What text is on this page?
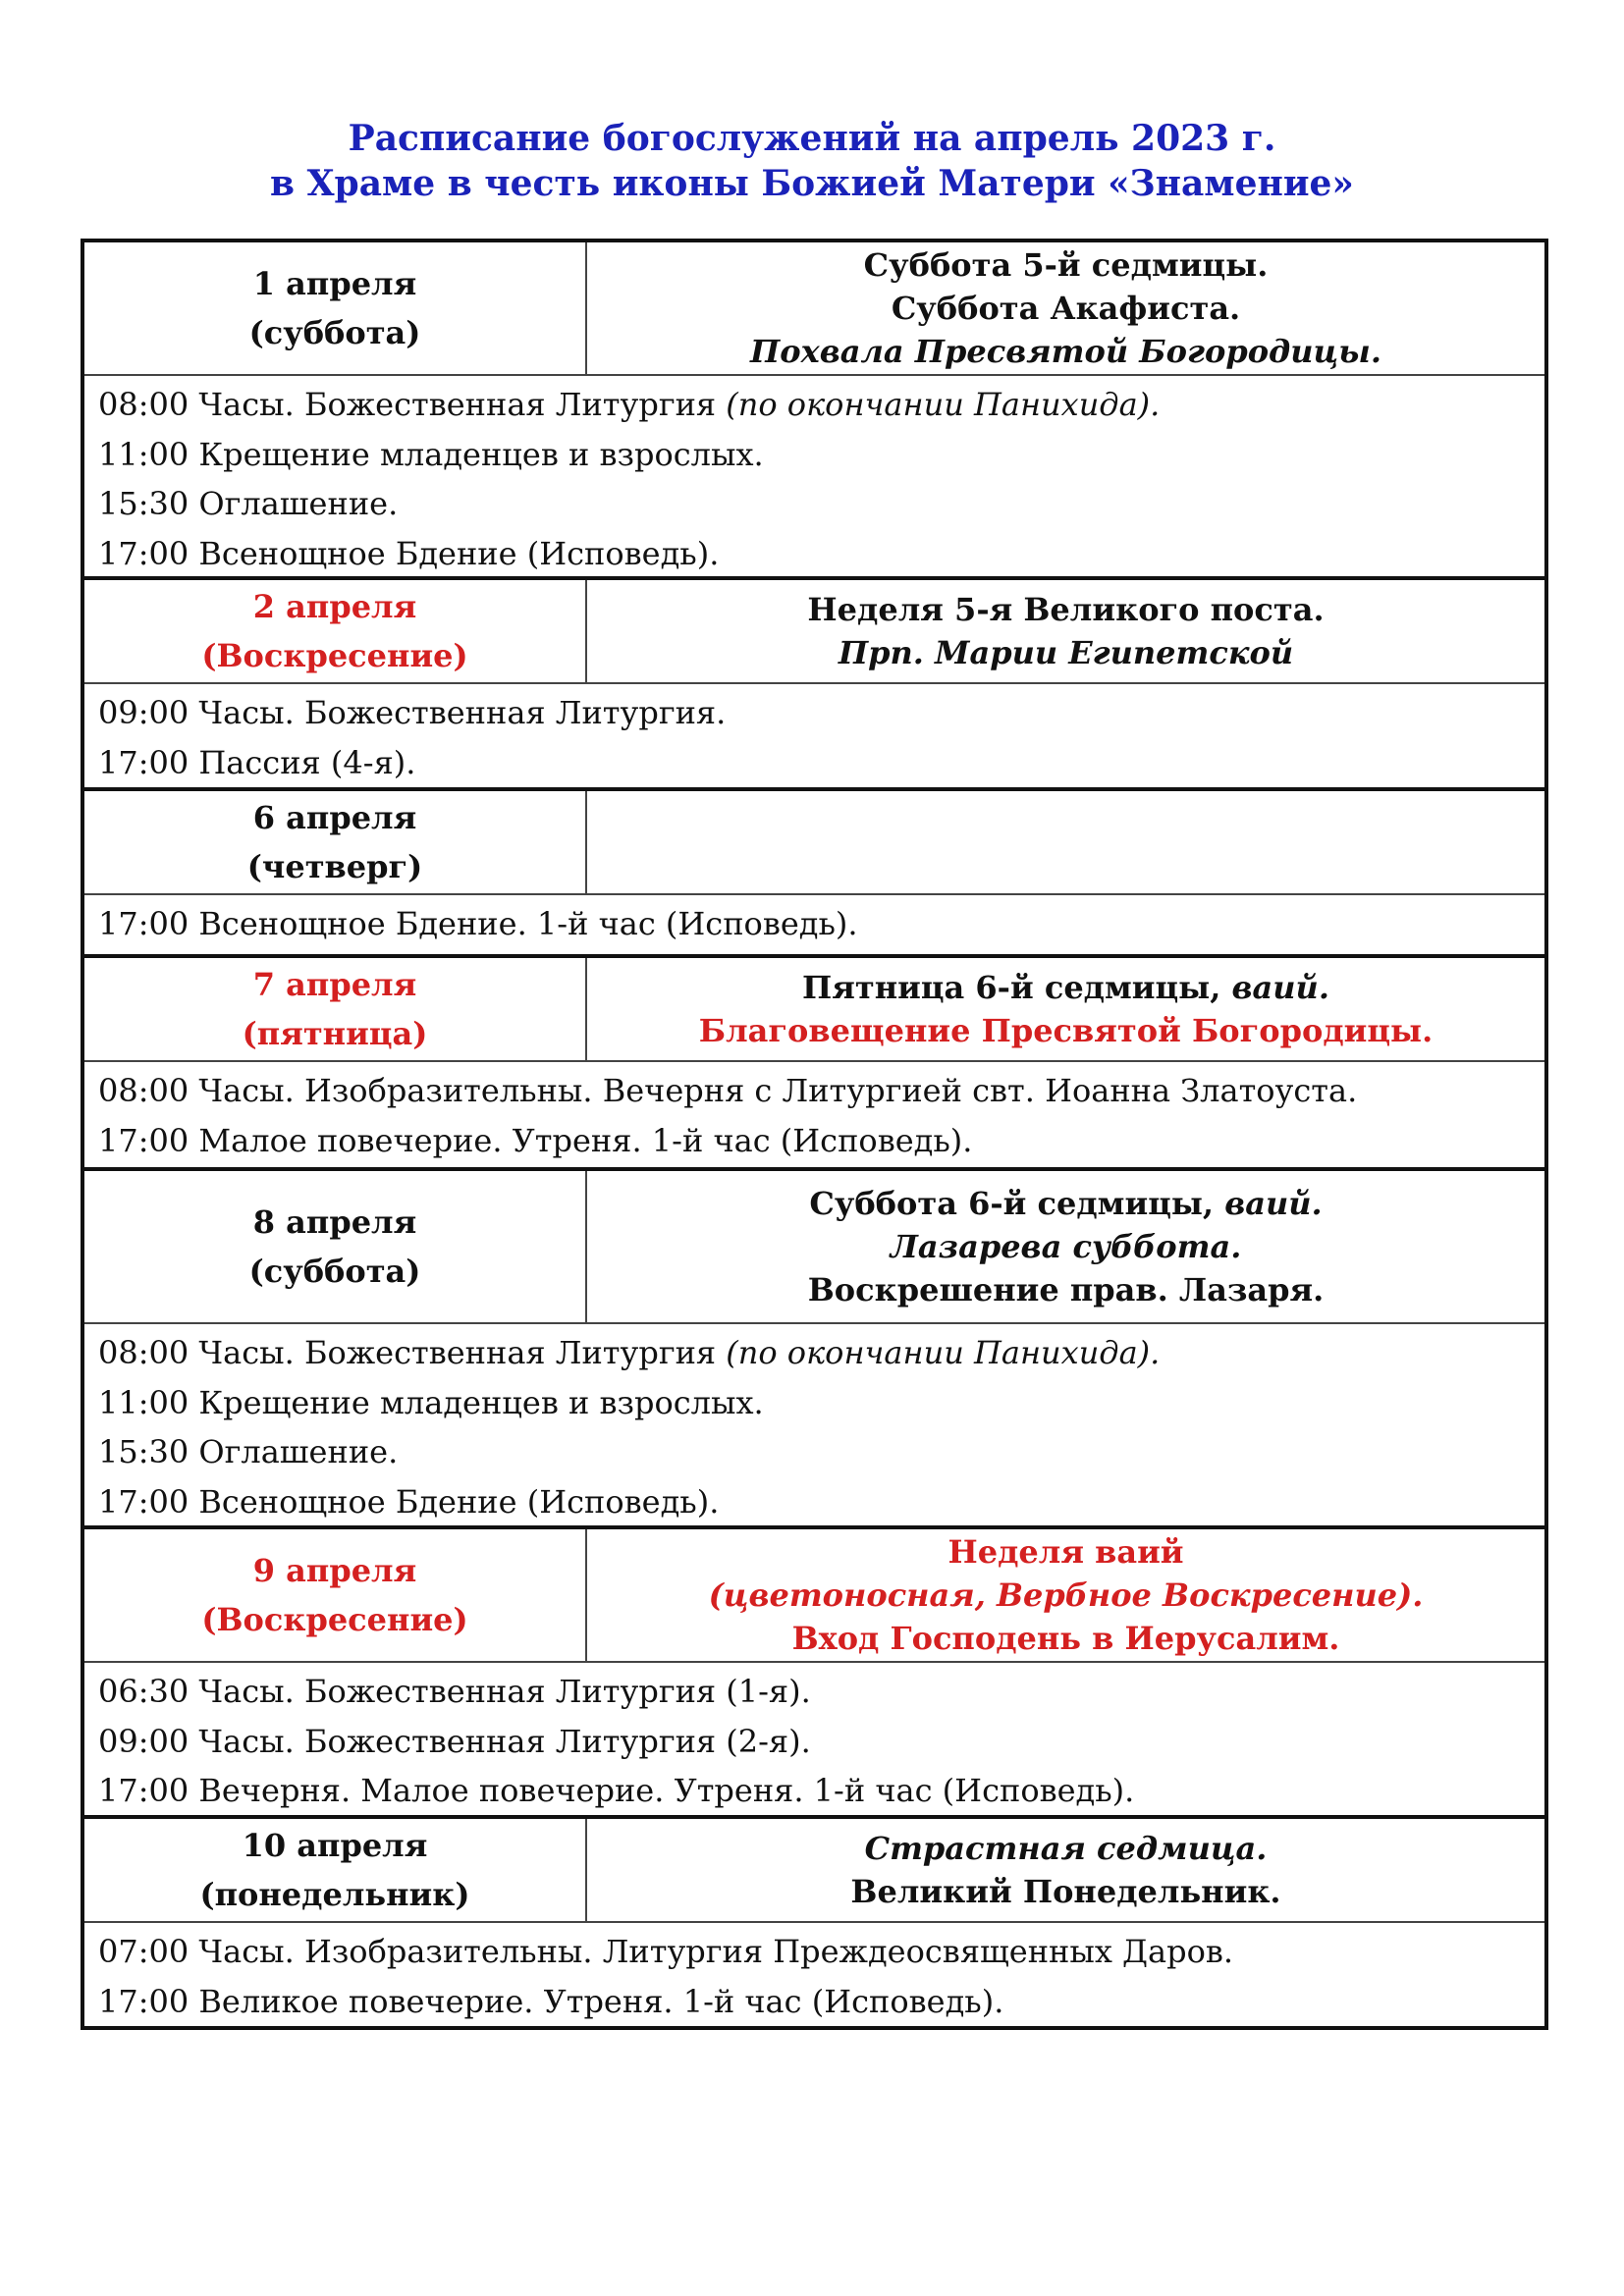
Расписание богослужений на апрель 2023 г.
в Храме в честь иконы Божией Матери «Знамение»
1 апреля
(суббота)
Суббота 5-й седмицы.
Суббота Акафиста.
Похвала Пресвятой Богородицы.
08:00 Часы. Божественная Литургия (по окончании Панихида).
11:00 Крещение младенцев и взрослых.
15:30 Оглашение.
17:00 Всенощное Бдение (Исповедь).
2 апреля
(Воскресение)
Неделя 5-я Великого поста.
Прп. Марии Египетской
09:00 Часы. Божественная Литургия.
17:00 Пассия (4-я).
6 апреля
(четверг)
17:00 Всенощное Бдение. 1-й час (Исповедь).
7 апреля
(пятница)
Пятница 6-й седмицы, ваий.
Благовещение Пресвятой Богородицы.
08:00 Часы. Изобразительны. Вечерня с Литургией свт. Иоанна Златоуста.
17:00 Малое повечерие. Утреня. 1-й час (Исповедь).
8 апреля
(суббота)
Суббота 6-й седмицы, ваий.
Лазарева суббота.
Воскрешение прав. Лазаря.
08:00 Часы. Божественная Литургия (по окончании Панихида).
11:00 Крещение младенцев и взрослых.
15:30 Оглашение.
17:00 Всенощное Бдение (Исповедь).
9 апреля
(Воскресение)
Неделя ваий
(цветоносная, Вербное Воскресение).
Вход Господень в Иерусалим.
06:30 Часы. Божественная Литургия (1-я).
09:00 Часы. Божественная Литургия (2-я).
17:00 Вечерня. Малое повечерие. Утреня. 1-й час (Исповедь).
10 апреля
(понедельник)
Страстная седмица.
Великий Понедельник.
07:00 Часы. Изобразительны. Литургия Преждеосвященных Даров.
17:00 Великое повечерие. Утреня. 1-й час (Исповедь).
